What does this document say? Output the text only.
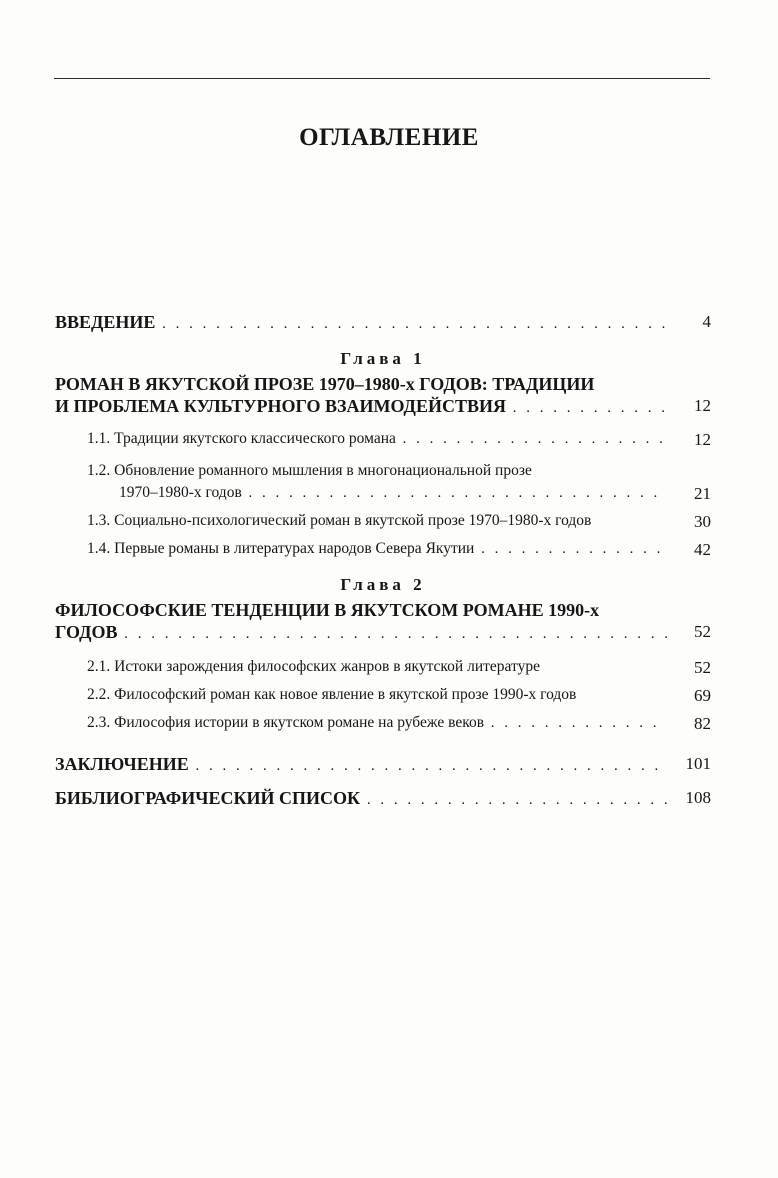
ОГЛАВЛЕНИЕ
ВВЕДЕНИЕ . . .	4
Глава 1
РОМАН В ЯКУТСКОЙ ПРОЗЕ 1970–1980-х ГОДОВ: ТРАДИЦИИ
И ПРОБЛЕМА КУЛЬТУРНОГО ВЗАИМОДЕЙСТВИЯ . . .	12
1.1. Традиции якутского классического романа . . .	12
1.2. Обновление романного мышления в многонациональной прозе
1970–1980-х годов . . .	21
1.3. Социально-психологический роман в якутской прозе 1970–1980-х годов	30
1.4. Первые романы в литературах народов Севера Якутии . . .	42
Глава 2
ФИЛОСОФСКИЕ ТЕНДЕНЦИИ В ЯКУТСКОМ РОМАНЕ 1990-х
ГОДОВ . . .	52
2.1. Истоки зарождения философских жанров в якутской литературе	52
2.2. Философский роман как новое явление в якутской прозе 1990-х годов	69
2.3. Философия истории в якутском романе на рубеже веков . . .	82
ЗАКЛЮЧЕНИЕ . . .	101
БИБЛИОГРАФИЧЕСКИЙ СПИСОК . . .	108
